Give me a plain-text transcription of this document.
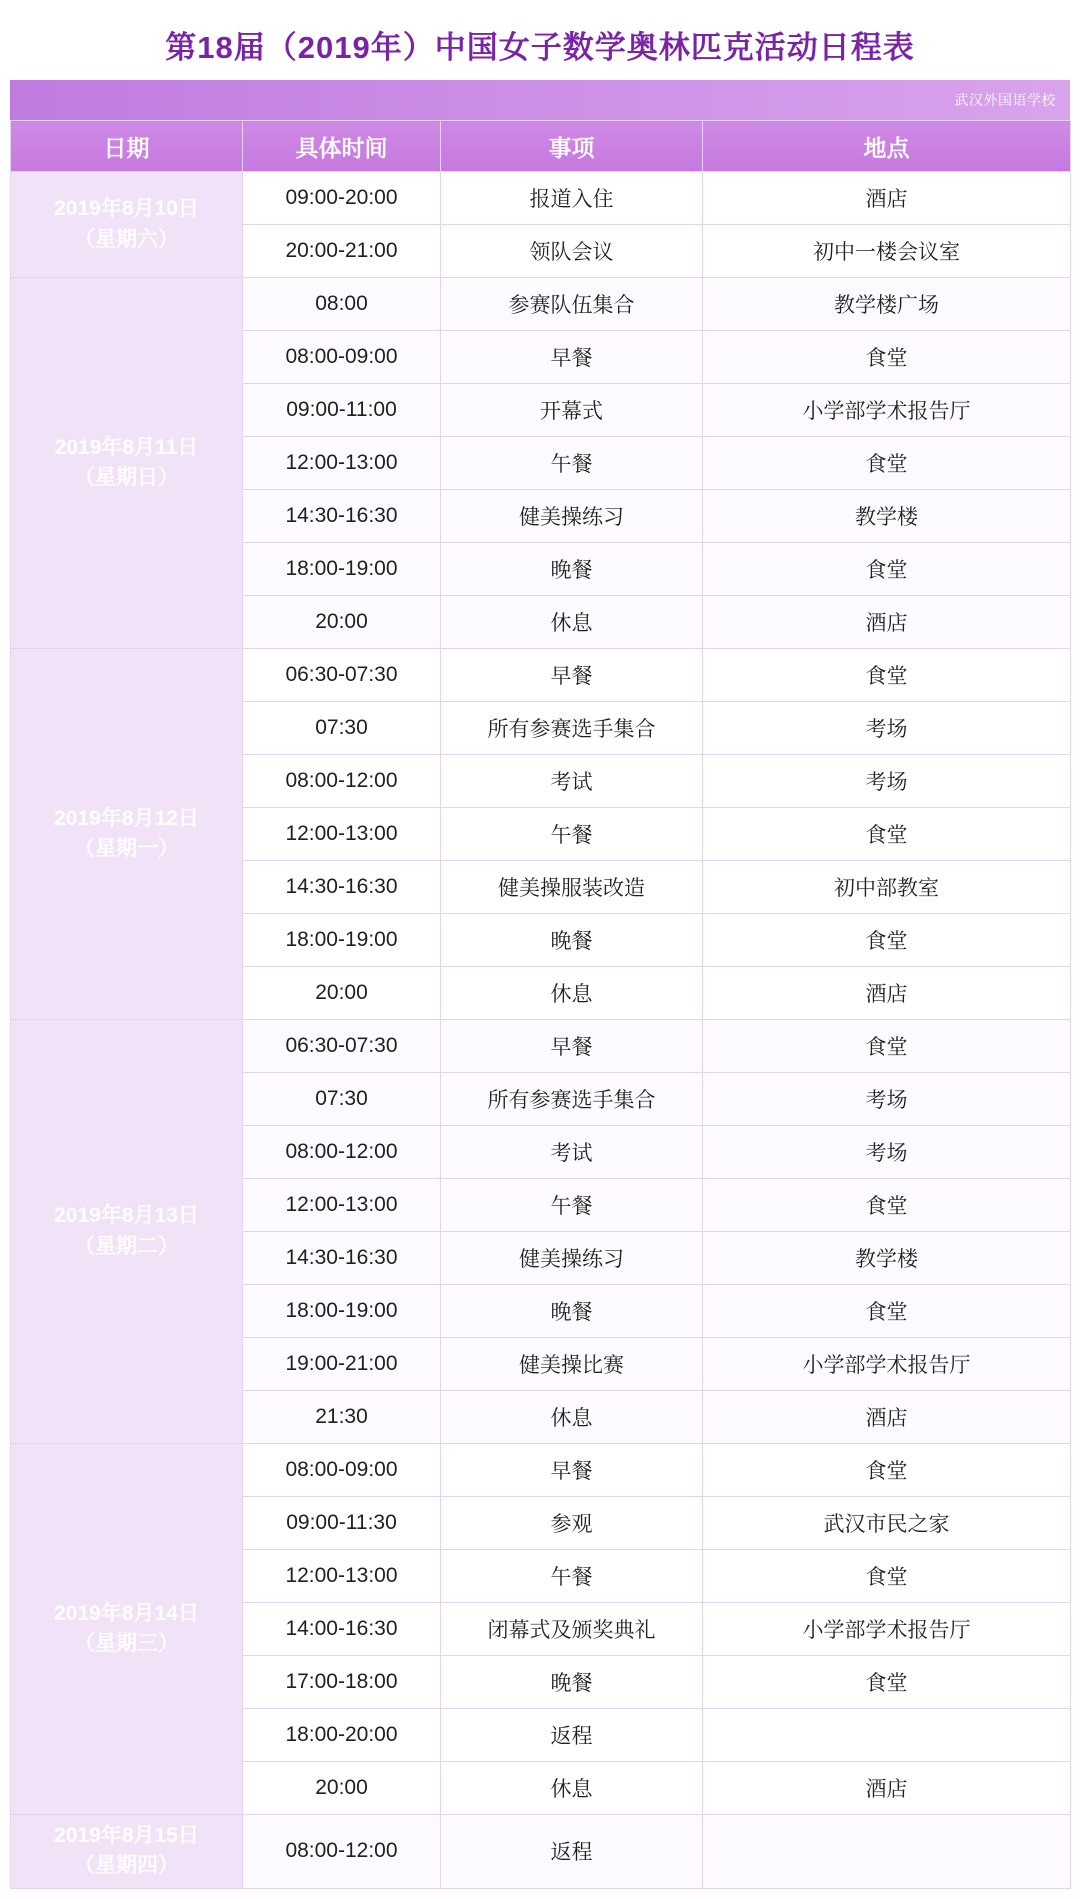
第18届（2019年）中国女子数学奥林匹克活动日程表
武汉外国语学校
日期	具体时间	事项	地点
2019年8月10日
（星期六）	09:00-20:00	报道入住	酒店
	20:00-21:00	领队会议	初中一楼会议室
2019年8月11日
（星期日）	08:00	参赛队伍集合	教学楼广场
	08:00-09:00	早餐	食堂
	09:00-11:00	开幕式	小学部学术报告厅
	12:00-13:00	午餐	食堂
	14:30-16:30	健美操练习	教学楼
	18:00-19:00	晚餐	食堂
	20:00	休息	酒店
2019年8月12日
（星期一）	06:30-07:30	早餐	食堂
	07:30	所有参赛选手集合	考场
	08:00-12:00	考试	考场
	12:00-13:00	午餐	食堂
	14:30-16:30	健美操服装改造	初中部教室
	18:00-19:00	晚餐	食堂
	20:00	休息	酒店
2019年8月13日
（星期二）	06:30-07:30	早餐	食堂
	07:30	所有参赛选手集合	考场
	08:00-12:00	考试	考场
	12:00-13:00	午餐	食堂
	14:30-16:30	健美操练习	教学楼
	18:00-19:00	晚餐	食堂
	19:00-21:00	健美操比赛	小学部学术报告厅
	21:30	休息	酒店
2019年8月14日
（星期三）	08:00-09:00	早餐	食堂
	09:00-11:30	参观	武汉市民之家
	12:00-13:00	午餐	食堂
	14:00-16:30	闭幕式及颁奖典礼	小学部学术报告厅
	17:00-18:00	晚餐	食堂
	18:00-20:00	返程	
	20:00	休息	酒店
2019年8月15日
（星期四）	08:00-12:00	返程	
